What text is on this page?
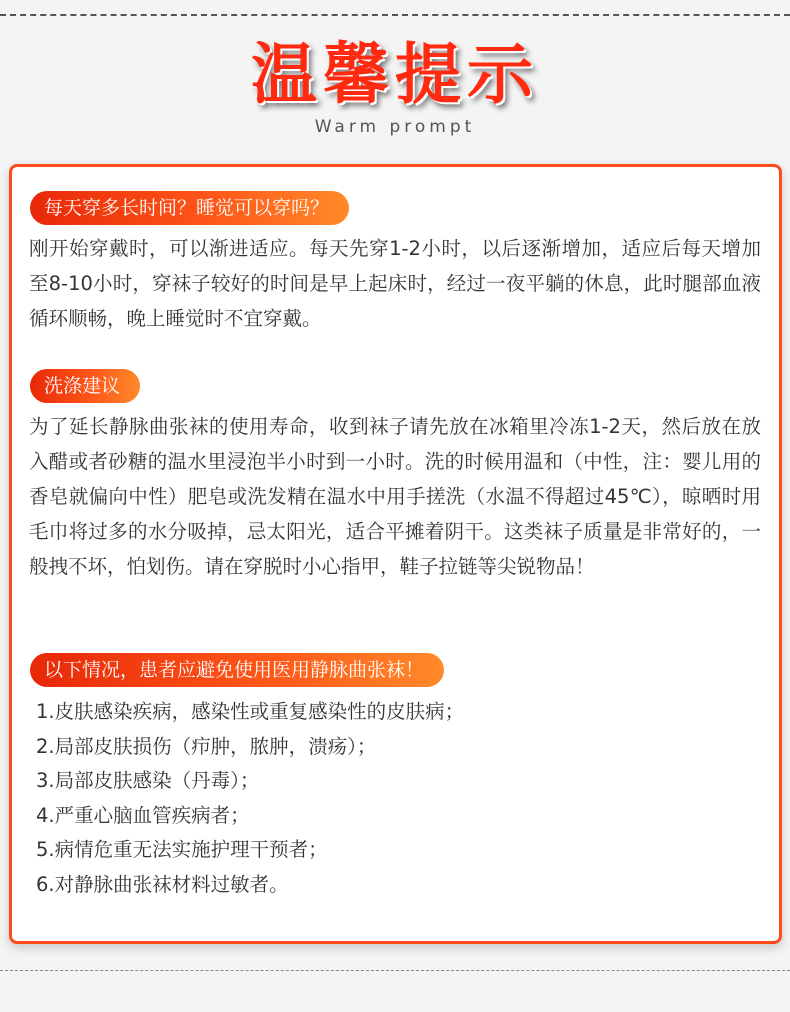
温馨提示
Warm prompt
每天穿多长时间？睡觉可以穿吗？

刚开始穿戴时，可以渐进适应。每天先穿1-2小时，以后逐渐增加，适应后每天增加至8-10小时，穿袜子较好的时间是早上起床时，经过一夜平躺的休息，此时腿部血液循环顺畅，晚上睡觉时不宜穿戴。

洗涤建议

为了延长静脉曲张袜的使用寿命，收到袜子请先放在冰箱里冷冻1-2天，然后放在放入醋或者砂糖的温水里浸泡半小时到一小时。洗的时候用温和（中性，注：婴儿用的香皂就偏向中性）肥皂或洗发精在温水中用手搓洗（水温不得超过45℃），晾晒时用毛巾将过多的水分吸掉，忌太阳光，适合平摊着阴干。这类袜子质量是非常好的，一般拽不坏，怕划伤。请在穿脱时小心指甲，鞋子拉链等尖锐物品！

以下情况，患者应避免使用医用静脉曲张袜！
1.皮肤感染疾病，感染性或重复感染性的皮肤病；
2.局部皮肤损伤（疖肿，脓肿，溃疡）；
3.局部皮肤感染（丹毒）；
4.严重心脑血管疾病者；
5.病情危重无法实施护理干预者；
6.对静脉曲张袜材料过敏者。
